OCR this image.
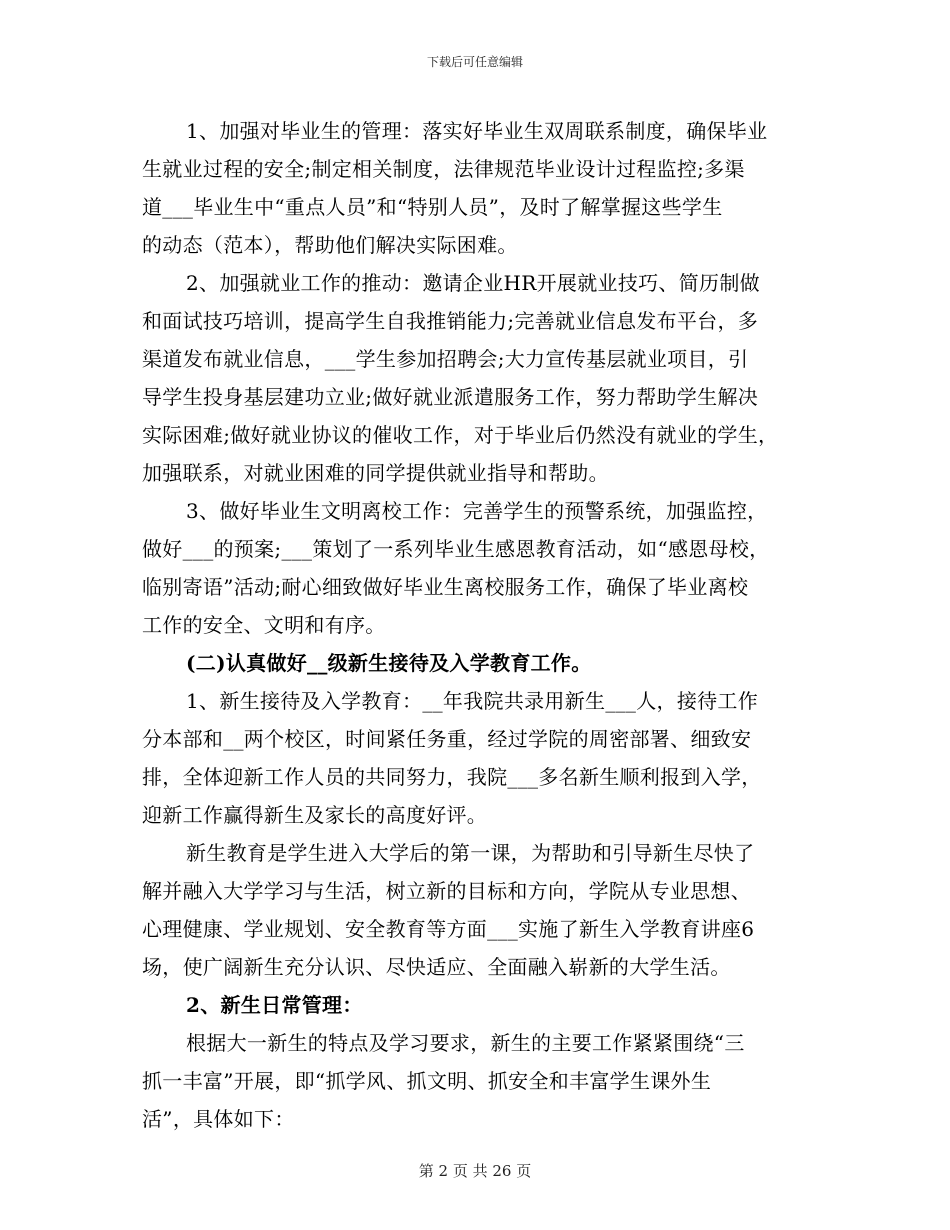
下载后可任意编辑
1、加强对毕业生的管理：落实好毕业生双周联系制度，确保毕业
生就业过程的安全;制定相关制度，法律规范毕业设计过程监控;多渠
道___毕业生中“重点人员”和“特别人员”，及时了解掌握这些学生
的动态（范本），帮助他们解决实际困难。
2、加强就业工作的推动：邀请企业HR开展就业技巧、简历制做
和面试技巧培训，提高学生自我推销能力;完善就业信息发布平台，多
渠道发布就业信息，___学生参加招聘会;大力宣传基层就业项目，引
导学生投身基层建功立业;做好就业派遣服务工作，努力帮助学生解决
实际困难;做好就业协议的催收工作，对于毕业后仍然没有就业的学生，
加强联系，对就业困难的同学提供就业指导和帮助。
3、做好毕业生文明离校工作：完善学生的预警系统，加强监控，
做好___的预案;___策划了一系列毕业生感恩教育活动，如“感恩母校，
临别寄语”活动;耐心细致做好毕业生离校服务工作，确保了毕业离校
工作的安全、文明和有序。
(二)认真做好__级新生接待及入学教育工作。
1、新生接待及入学教育：__年我院共录用新生___人，接待工作
分本部和__两个校区，时间紧任务重，经过学院的周密部署、细致安
排，全体迎新工作人员的共同努力，我院___多名新生顺利报到入学，
迎新工作赢得新生及家长的高度好评。
新生教育是学生进入大学后的第一课，为帮助和引导新生尽快了
解并融入大学学习与生活，树立新的目标和方向，学院从专业思想、
心理健康、学业规划、安全教育等方面___实施了新生入学教育讲座6
场，使广阔新生充分认识、尽快适应、全面融入崭新的大学生活。
2、新生日常管理：
根据大一新生的特点及学习要求，新生的主要工作紧紧围绕“三
抓一丰富”开展，即“抓学风、抓文明、抓安全和丰富学生课外生
活”，具体如下：
第 2 页 共 26 页
